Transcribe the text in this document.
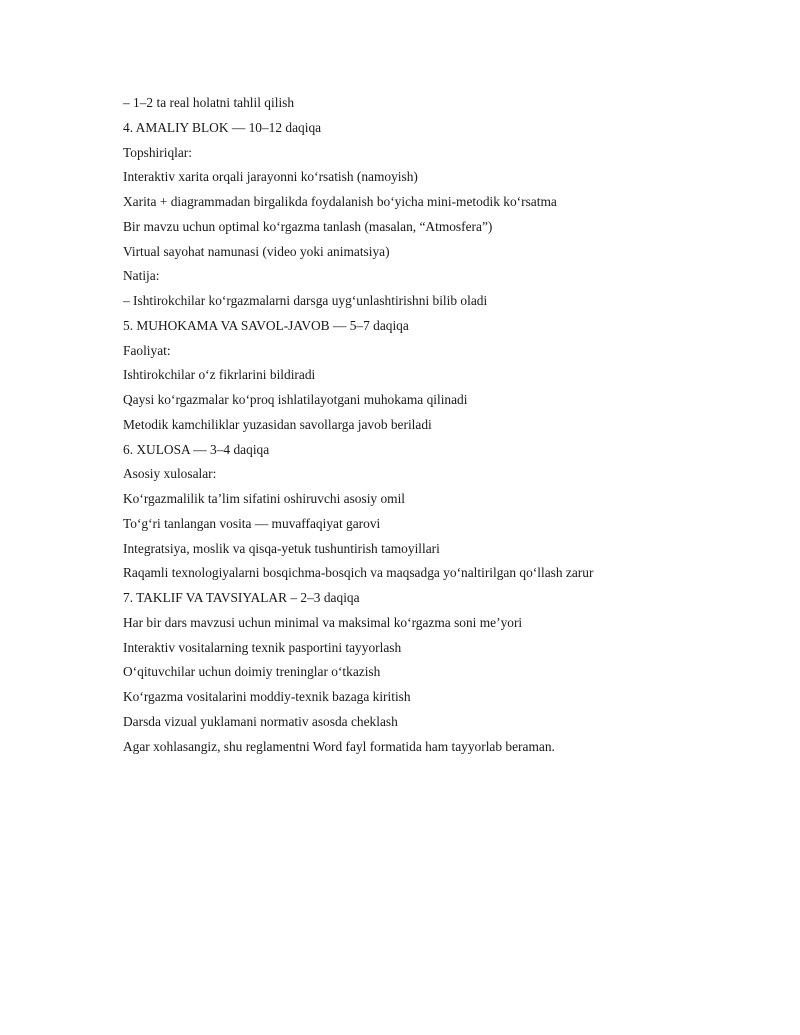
– 1–2 ta real holatni tahlil qilish
4. AMALIY BLOK — 10–12 daqiqa
Topshiriqlar:
Interaktiv xarita orqali jarayonni koʻrsatish (namoyish)
Xarita + diagrammadan birgalikda foydalanish boʻyicha mini-metodik koʻrsatma
Bir mavzu uchun optimal koʻrgazma tanlash (masalan, “Atmosfera”)
Virtual sayohat namunasi (video yoki animatsiya)
Natija:
– Ishtirokchilar koʻrgazmalarni darsga uygʻunlashtirishni bilib oladi
5. MUHOKAMA VA SAVOL-JAVOB — 5–7 daqiqa
Faoliyat:
Ishtirokchilar oʻz fikrlarini bildiradi
Qaysi koʻrgazmalar koʻproq ishlatilayotgani muhokama qilinadi
Metodik kamchiliklar yuzasidan savollarga javob beriladi
6. XULOSA — 3–4 daqiqa
Asosiy xulosalar:
Koʻrgazmalilik taʼlim sifatini oshiruvchi asosiy omil
Toʻgʻri tanlangan vosita — muvaffaqiyat garovi
Integratsiya, moslik va qisqa-yetuk tushuntirish tamoyillari
Raqamli texnologiyalarni bosqichma-bosqich va maqsadga yoʻnaltirilgan qoʻllash zarur
7. TAKLIF VA TAVSIYALAR – 2–3 daqiqa
Har bir dars mavzusi uchun minimal va maksimal koʻrgazma soni meʼyori
Interaktiv vositalarning texnik pasportini tayyorlash
Oʻqituvchilar uchun doimiy treninglar oʻtkazish
Koʻrgazma vositalarini moddiy-texnik bazaga kiritish
Darsda vizual yuklamani normativ asosda cheklash
Agar xohlasangiz, shu reglamentni Word fayl formatida ham tayyorlab beraman.
